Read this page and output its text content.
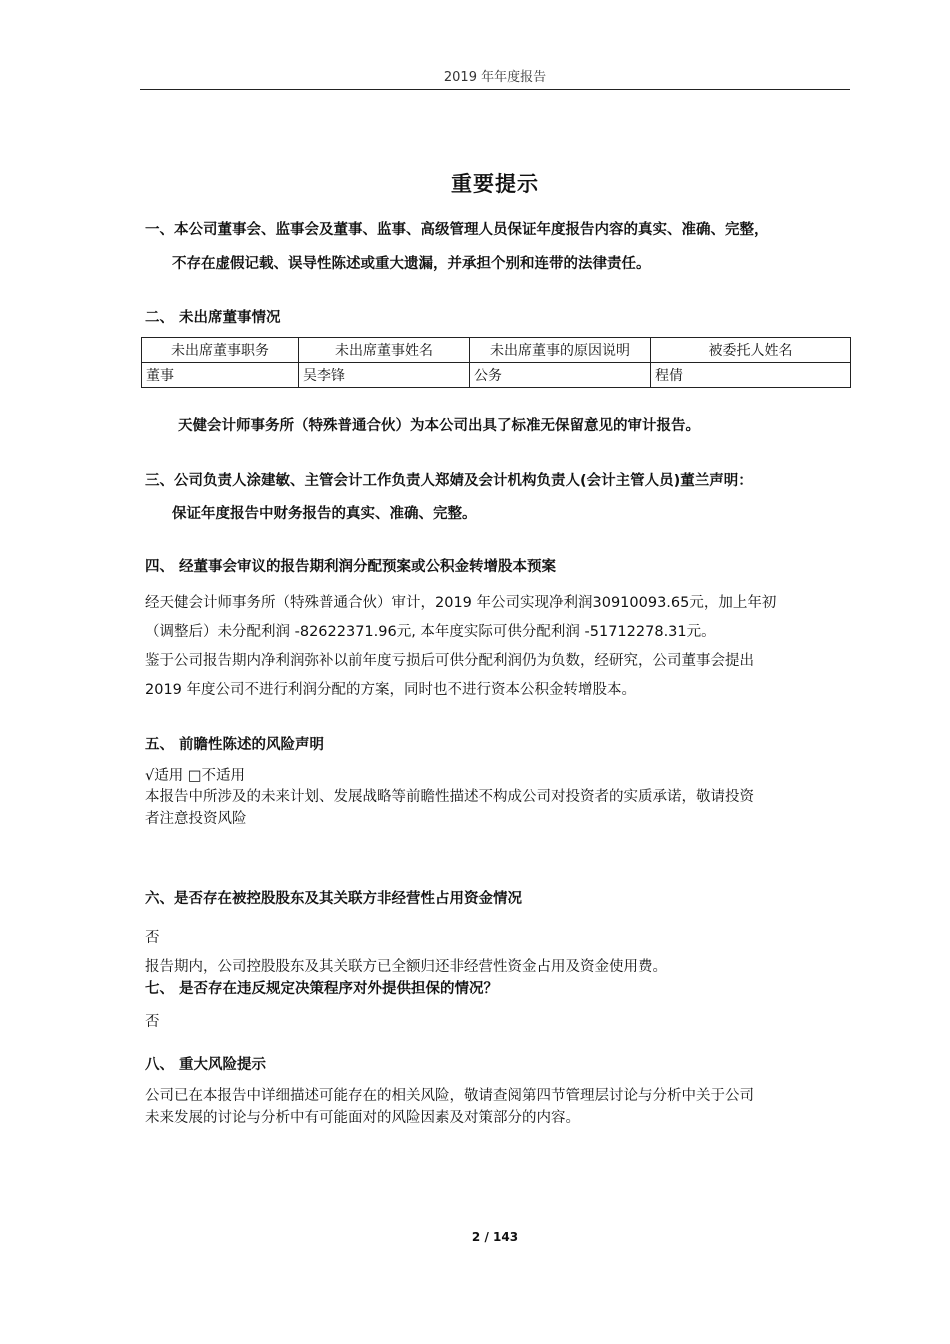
2019 年年度报告
重要提示
一、本公司董事会、监事会及董事、监事、高级管理人员保证年度报告内容的真实、准确、完整，
不存在虚假记载、误导性陈述或重大遗漏，并承担个别和连带的法律责任。
二、 未出席董事情况
未出席董事职务	未出席董事姓名	未出席董事的原因说明	被委托人姓名
董事	吴李锋	公务	程倩
天健会计师事务所（特殊普通合伙）为本公司出具了标准无保留意见的审计报告。
三、公司负责人涂建敏、主管会计工作负责人郑婧及会计机构负责人(会计主管人员)董兰声明：
保证年度报告中财务报告的真实、准确、完整。
四、 经董事会审议的报告期利润分配预案或公积金转增股本预案
经天健会计师事务所（特殊普通合伙）审计，2019 年公司实现净利润30910093.65元，加上年初
（调整后）未分配利润 -82622371.96元, 本年度实际可供分配利润 -51712278.31元。
鉴于公司报告期内净利润弥补以前年度亏损后可供分配利润仍为负数，经研究，公司董事会提出
2019 年度公司不进行利润分配的方案，同时也不进行资本公积金转增股本。
五、 前瞻性陈述的风险声明
√适用 □不适用
本报告中所涉及的未来计划、发展战略等前瞻性描述不构成公司对投资者的实质承诺，敬请投资
者注意投资风险
六、是否存在被控股股东及其关联方非经营性占用资金情况
否
报告期内，公司控股股东及其关联方已全额归还非经营性资金占用及资金使用费。
七、 是否存在违反规定决策程序对外提供担保的情况？
否
八、 重大风险提示
公司已在本报告中详细描述可能存在的相关风险，敬请查阅第四节管理层讨论与分析中关于公司
未来发展的讨论与分析中有可能面对的风险因素及对策部分的内容。
2 / 143
